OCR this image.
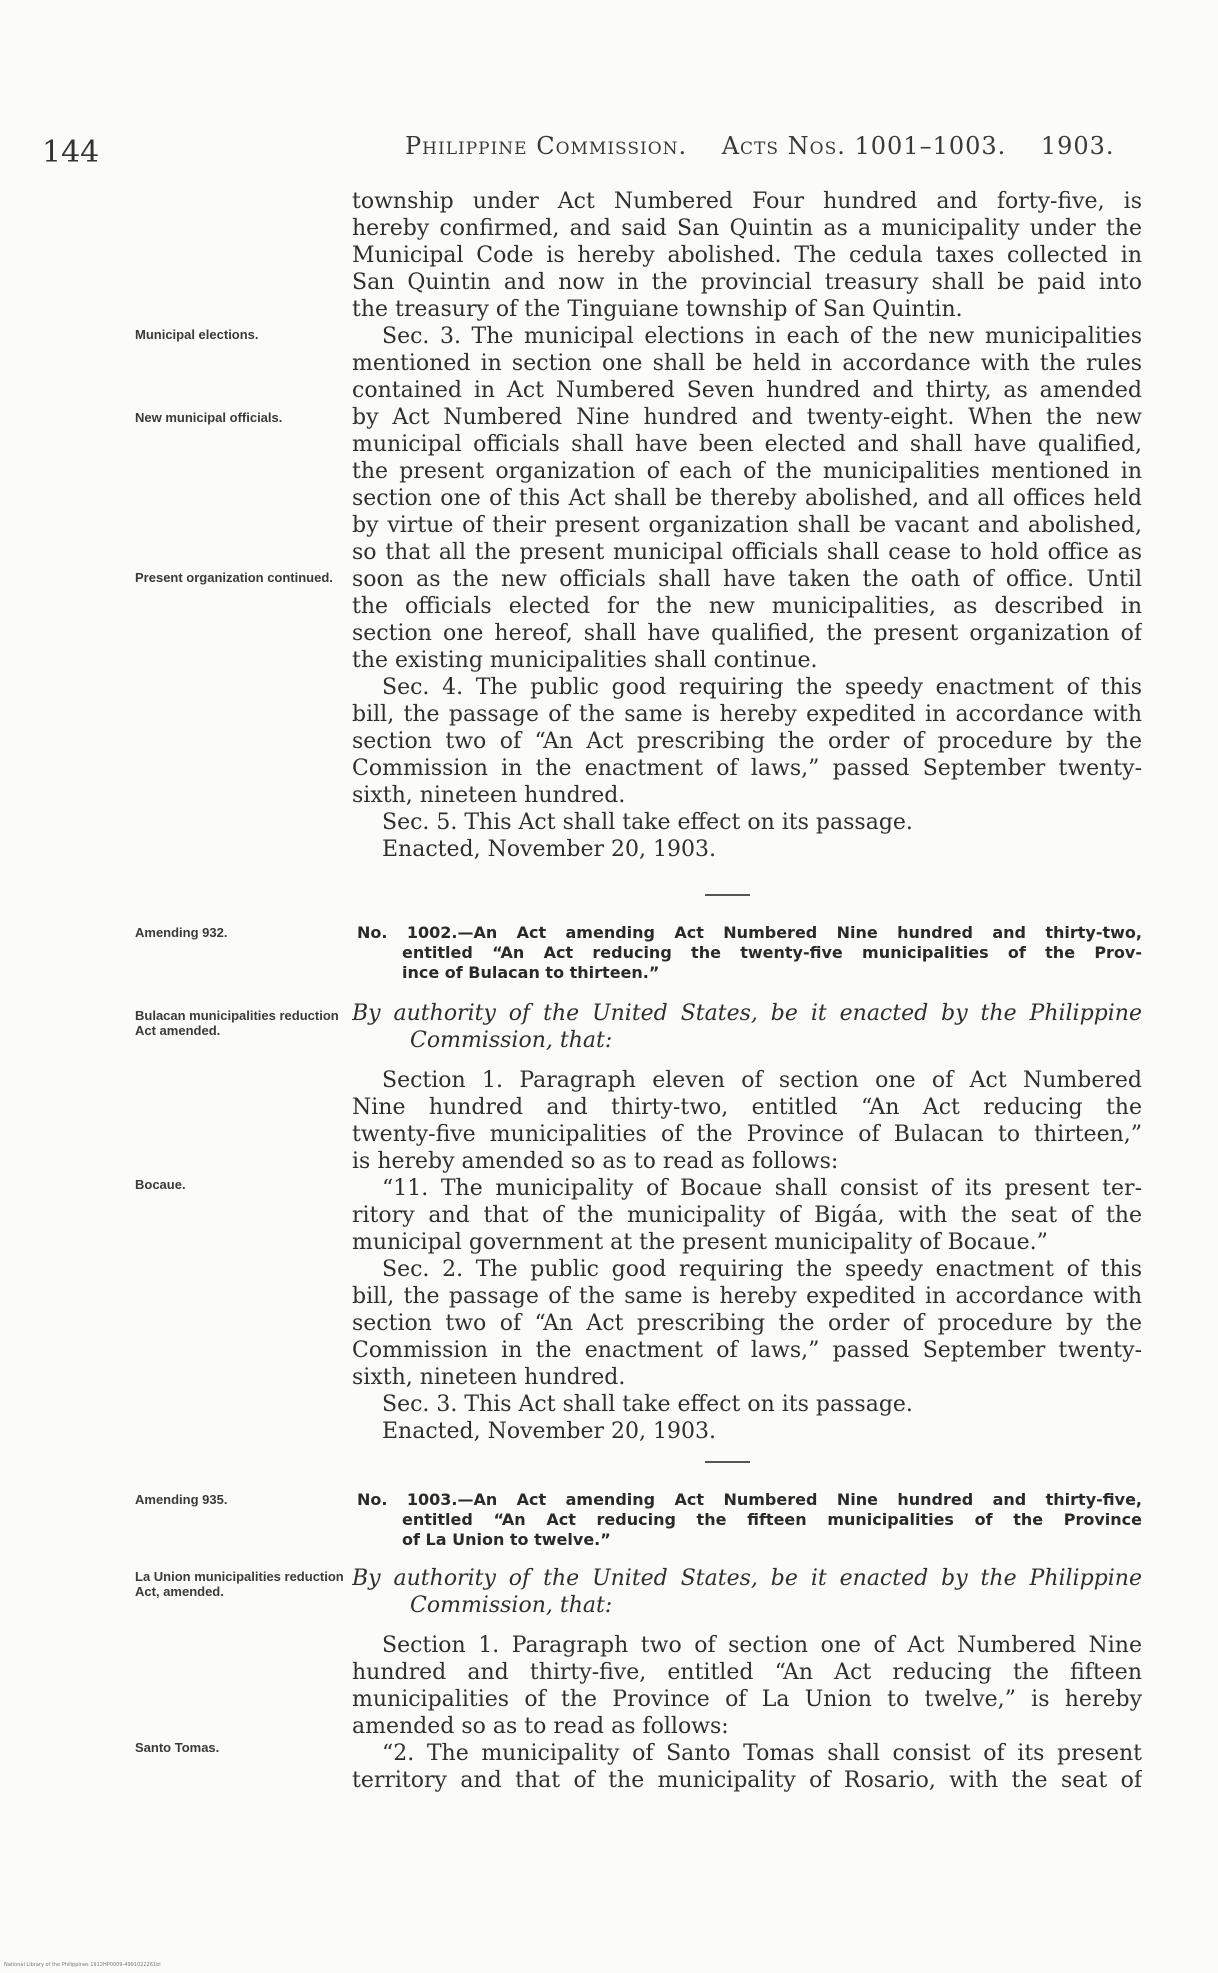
144	Philippine Commission. Acts Nos. 1001–1003. 1903.
Municipal elections.
New municipal officials.
Present organization continued.
Amending 932.
Bulacan municipalities reduction Act amended.
Bocaue.
Amending 935.
La Union municipalities reduction Act, amended.
Santo Tomas.
township under Act Numbered Four hundred and forty-five, is
hereby confirmed, and said San Quintin as a municipality under the
Municipal Code is hereby abolished. The cedula taxes collected in
San Quintin and now in the provincial treasury shall be paid into
the treasury of the Tinguiane township of San Quintin.
Sec. 3. The municipal elections in each of the new municipalities
mentioned in section one shall be held in accordance with the rules
contained in Act Numbered Seven hundred and thirty, as amended
by Act Numbered Nine hundred and twenty-eight. When the new
municipal officials shall have been elected and shall have qualified,
the present organization of each of the municipalities mentioned in
section one of this Act shall be thereby abolished, and all offices held
by virtue of their present organization shall be vacant and abolished,
so that all the present municipal officials shall cease to hold office as
soon as the new officials shall have taken the oath of office. Until
the officials elected for the new municipalities, as described in
section one hereof, shall have qualified, the present organization of
the existing municipalities shall continue.
Sec. 4. The public good requiring the speedy enactment of this
bill, the passage of the same is hereby expedited in accordance with
section two of “An Act prescribing the order of procedure by the
Commission in the enactment of laws,” passed September twenty-
sixth, nineteen hundred.
Sec. 5. This Act shall take effect on its passage.
Enacted, November 20, 1903.
No. 1002.—An Act amending Act Numbered Nine hundred and thirty-two,
entitled “An Act reducing the twenty-five municipalities of the Prov-
ince of Bulacan to thirteen.”
By authority of the United States, be it enacted by the Philippine
Commission, that:
Section 1. Paragraph eleven of section one of Act Numbered
Nine hundred and thirty-two, entitled “An Act reducing the
twenty-five municipalities of the Province of Bulacan to thirteen,”
is hereby amended so as to read as follows:
“11. The municipality of Bocaue shall consist of its present ter-
ritory and that of the municipality of Bigáa, with the seat of the
municipal government at the present municipality of Bocaue.”
Sec. 2. The public good requiring the speedy enactment of this
bill, the passage of the same is hereby expedited in accordance with
section two of “An Act prescribing the order of procedure by the
Commission in the enactment of laws,” passed September twenty-
sixth, nineteen hundred.
Sec. 3. This Act shall take effect on its passage.
Enacted, November 20, 1903.
No. 1003.—An Act amending Act Numbered Nine hundred and thirty-five,
entitled “An Act reducing the fifteen municipalities of the Province
of La Union to twelve.”
By authority of the United States, be it enacted by the Philippine
Commission, that:
Section 1. Paragraph two of section one of Act Numbered Nine
hundred and thirty-five, entitled “An Act reducing the fifteen
municipalities of the Province of La Union to twelve,” is hereby
amended so as to read as follows:
“2. The municipality of Santo Tomas shall consist of its present
territory and that of the municipality of Rosario, with the seat of
National Library of the Philippines 1912HP0009-4991022261bl
